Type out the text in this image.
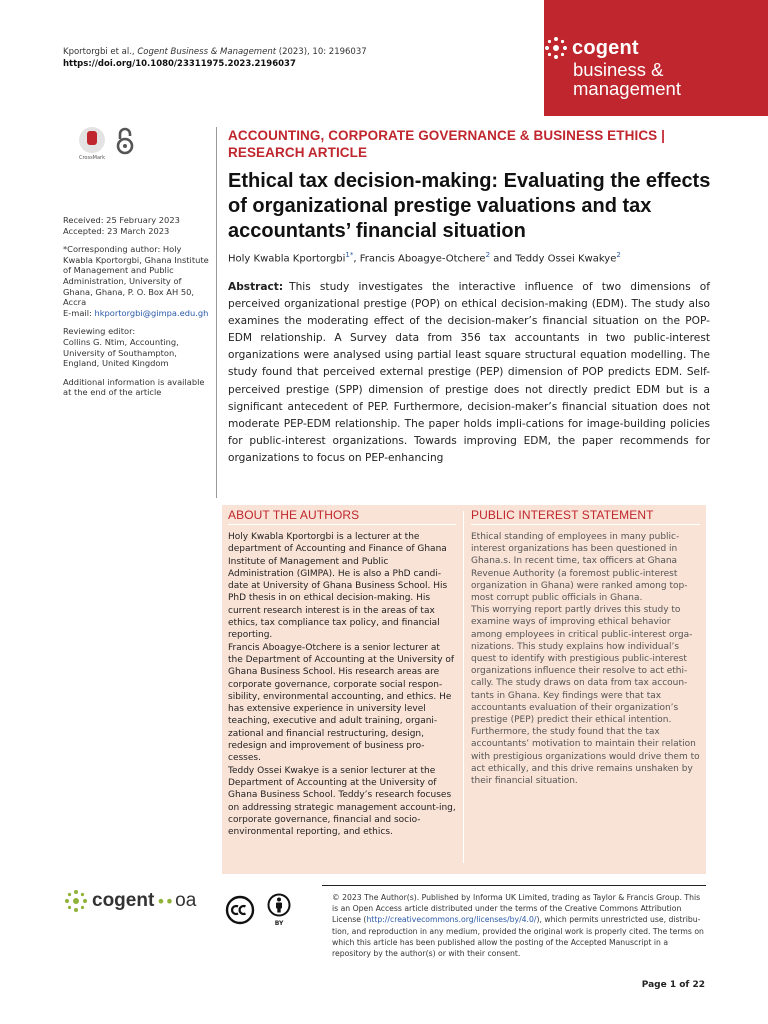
Kportorgbi et al., Cogent Business & Management (2023), 10: 2196037
https://doi.org/10.1080/23311975.2023.2196037
cogent
business &
management
CrossMark
Received: 25 February 2023
Accepted: 23 March 2023
*Corresponding author: Holy Kwabla Kportorgbi, Ghana Institute of Management and Public Administration, University of Ghana, Ghana, P. O. Box AH 50, Accra
E-mail: hkportorgbi@gimpa.edu.gh
Reviewing editor:
Collins G. Ntim, Accounting, University of Southampton, England, United Kingdom
Additional information is available at the end of the article
ACCOUNTING, CORPORATE GOVERNANCE & BUSINESS ETHICS | RESEARCH ARTICLE
Ethical tax decision-making: Evaluating the effects of organizational prestige valuations and tax accountants’ financial situation
Holy Kwabla Kportorgbi$^{1*}$, Francis Aboagye-Otchere$^2$ and Teddy Ossei Kwakye$^2$
Abstract: This study investigates the interactive influence of two dimensions of perceived organizational prestige (POP) on ethical decision-making (EDM). The study also examines the moderating effect of the decision-maker’s financial situation on the POP-EDM relationship. A Survey data from 356 tax accountants in two public-interest organizations were analysed using partial least square structural equation modelling. The study found that perceived external prestige (PEP) dimension of POP predicts EDM. Self-perceived prestige (SPP) dimension of prestige does not directly predict EDM but is a significant antecedent of PEP. Furthermore, decision-maker’s financial situation does not moderate PEP-EDM relationship. The paper holds impli-cations for image-building policies for public-interest organizations. Towards improving EDM, the paper recommends for organizations to focus on PEP-enhancing
ABOUT THE AUTHORS

Holy Kwabla Kportorgbi is a lecturer at the department of Accounting and Finance of Ghana Institute of Management and Public Administration (GIMPA). He is also a PhD candi-date at University of Ghana Business School. His PhD thesis in on ethical decision-making. His current research interest is in the areas of tax ethics, tax compliance tax policy, and financial reporting.

Francis Aboagye-Otchere is a senior lecturer at the Department of Accounting at the University of Ghana Business School. His research areas are corporate governance, corporate social respon-sibility, environmental accounting, and ethics. He has extensive experience in university level teaching, executive and adult training, organi-zational and financial restructuring, design, redesign and improvement of business pro-cesses.

Teddy Ossei Kwakye is a senior lecturer at the Department of Accounting at the University of Ghana Business School. Teddy’s research focuses on addressing strategic management account-ing, corporate governance, financial and socio-environmental reporting, and ethics.

PUBLIC INTEREST STATEMENT

Ethical standing of employees in many public-interest organizations has been questioned in Ghana.s. In recent time, tax officers at Ghana Revenue Authority (a foremost public-interest organization in Ghana) were ranked among top-most corrupt public officials in Ghana.

This worrying report partly drives this study to examine ways of improving ethical behavior among employees in critical public-interest orga-nizations. This study explains how individual’s quest to identify with prestigious public-interest organizations influence their resolve to act ethi-cally. The study draws on data from tax accoun-tants in Ghana. Key findings were that tax accountants evaluation of their organization’s prestige (PEP) predict their ethical intention. Furthermore, the study found that the tax accountants’ motivation to maintain their relation with prestigious organizations would drive them to act ethically, and this drive remains unshaken by their financial situation.

cogent •• oa
BY
© 2023 The Author(s). Published by Informa UK Limited, trading as Taylor & Francis Group. This is an Open Access article distributed under the terms of the Creative Commons Attribution License (http://creativecommons.org/licenses/by/4.0/), which permits unrestricted use, distribu-tion, and reproduction in any medium, provided the original work is properly cited. The terms on which this article has been published allow the posting of the Accepted Manuscript in a repository by the author(s) or with their consent.
Page 1 of 22
